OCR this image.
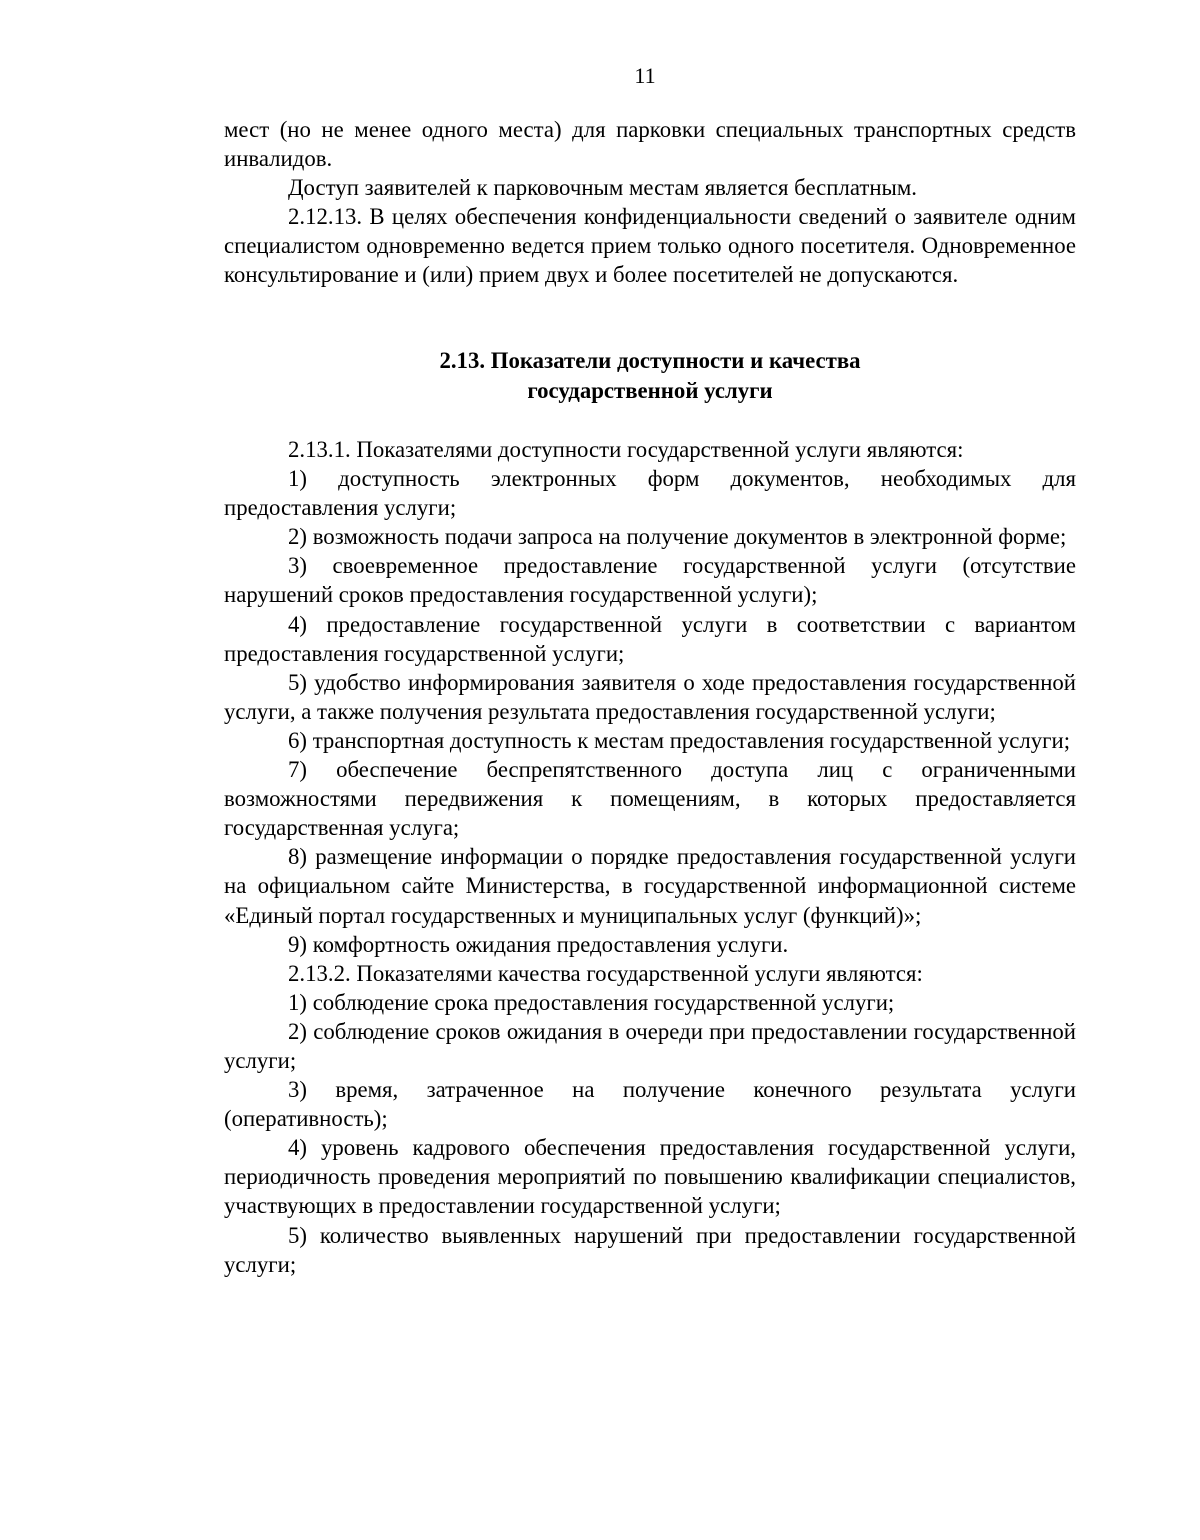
11

мест (но не менее одного места) для парковки специальных транспортных средств инвалидов.

Доступ заявителей к парковочным местам является бесплатным.

2.12.13. В целях обеспечения конфиденциальности сведений о заявителе одним специалистом одновременно ведется прием только одного посетителя. Одновременное консультирование и (или) прием двух и более посетителей не допускаются.

2.13. Показатели доступности и качества
государственной услуги

2.13.1. Показателями доступности государственной услуги являются:

1) доступность электронных форм документов, необходимых для предоставления услуги;

2) возможность подачи запроса на получение документов в электронной форме;

3) своевременное предоставление государственной услуги (отсутствие нарушений сроков предоставления государственной услуги);

4) предоставление государственной услуги в соответствии с вариантом предоставления государственной услуги;

5) удобство информирования заявителя о ходе предоставления государственной услуги, а также получения результата предоставления государственной услуги;

6) транспортная доступность к местам предоставления государственной услуги;

7) обеспечение беспрепятственного доступа лиц с ограниченными возможностями передвижения к помещениям, в которых предоставляется государственная услуга;

8) размещение информации о порядке предоставления государственной услуги на официальном сайте Министерства, в государственной информационной системе «Единый портал государственных и муниципальных услуг (функций)»;

9) комфортность ожидания предоставления услуги.

2.13.2. Показателями качества государственной услуги являются:

1) соблюдение срока предоставления государственной услуги;

2) соблюдение сроков ожидания в очереди при предоставлении государственной услуги;

3) время, затраченное на получение конечного результата услуги (оперативность);

4) уровень кадрового обеспечения предоставления государственной услуги, периодичность проведения мероприятий по повышению квалификации специалистов, участвующих в предоставлении государственной услуги;

5) количество выявленных нарушений при предоставлении государственной услуги;
